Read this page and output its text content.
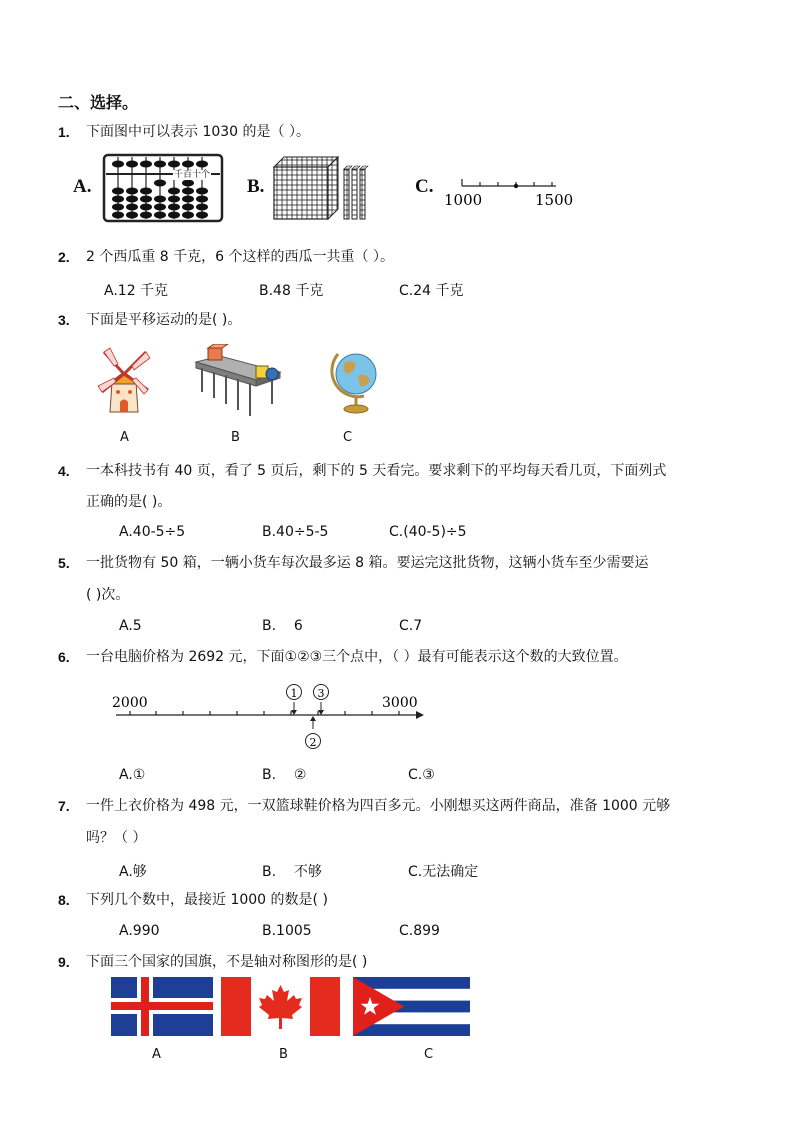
二、选择。
1. 下面图中可以表示 1030 的是（ ）。
A.
千百十个
B.	C.
1000	1500
2. 2 个西瓜重 8 千克，6 个这样的西瓜一共重（ ）。
A.12 千克	B.48 千克	C.24 千克
3. 下面是平移运动的是( )。
A	B	C
4. 一本科技书有 40 页，看了 5 页后，剩下的 5 天看完。要求剩下的平均每天看几页，下面列式
正确的是( )。
A.40-5÷5	B.40÷5-5	C.(40-5)÷5
5. 一批货物有 50 箱，一辆小货车每次最多运 8 箱。要运完这批货物，这辆小货车至少需要运
( )次。
A.5	B.    6	C.7
6. 一台电脑价格为 2692 元，下面①②③三个点中，（ ）最有可能表示这个数的大致位置。
2000	3000
1 3
2
A.①	B.    ②	C.③
7. 一件上衣价格为 498 元，一双篮球鞋价格为四百多元。小刚想买这两件商品，准备 1000 元够
吗？（ ）
A.够	B.    不够	C.无法确定
8. 下列几个数中，最接近 1000 的数是( )
A.990	B.1005	C.899
9. 下面三个国家的国旗，不是轴对称图形的是( )
A	B	C
